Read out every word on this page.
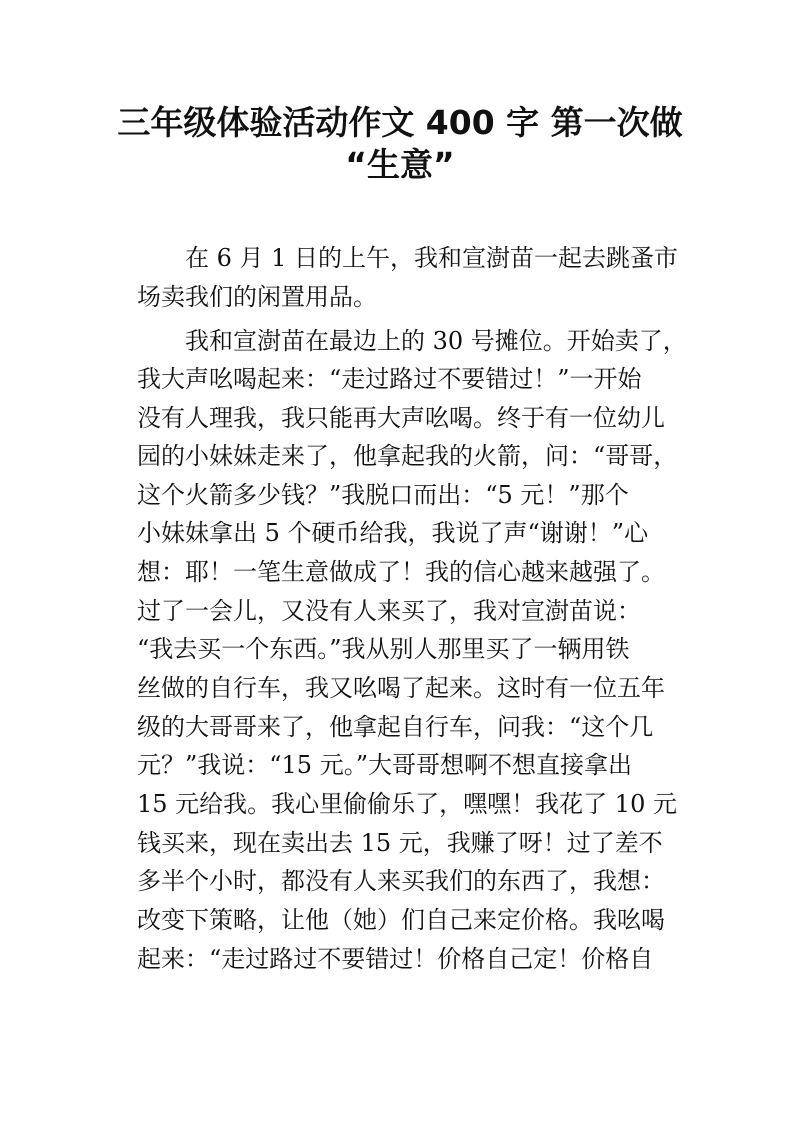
三年级体验活动作文 400 字 第一次做
“生意”

　　在 6 月 1 日的上午，我和宣澍苗一起去跳蚤市

场卖我们的闲置用品。

　　我和宣澍苗在最边上的 30 号摊位。开始卖了，

我大声吆喝起来：“走过路过不要错过！”一开始

没有人理我，我只能再大声吆喝。终于有一位幼儿

园的小妹妹走来了，他拿起我的火箭，问：“哥哥，

这个火箭多少钱？”我脱口而出：“5 元！”那个

小妹妹拿出 5 个硬币给我，我说了声“谢谢！”心

想：耶！一笔生意做成了！我的信心越来越强了。

过了一会儿，又没有人来买了，我对宣澍苗说：

“我去买一个东西。”我从别人那里买了一辆用铁

丝做的自行车，我又吆喝了起来。这时有一位五年

级的大哥哥来了，他拿起自行车，问我：“这个几

元？”我说：“15 元。”大哥哥想啊不想直接拿出

15 元给我。我心里偷偷乐了，嘿嘿！我花了 10 元

钱买来，现在卖出去 15 元，我赚了呀！过了差不

多半个小时，都没有人来买我们的东西了，我想：

改变下策略，让他（她）们自己来定价格。我吆喝

起来：“走过路过不要错过！价格自己定！价格自
